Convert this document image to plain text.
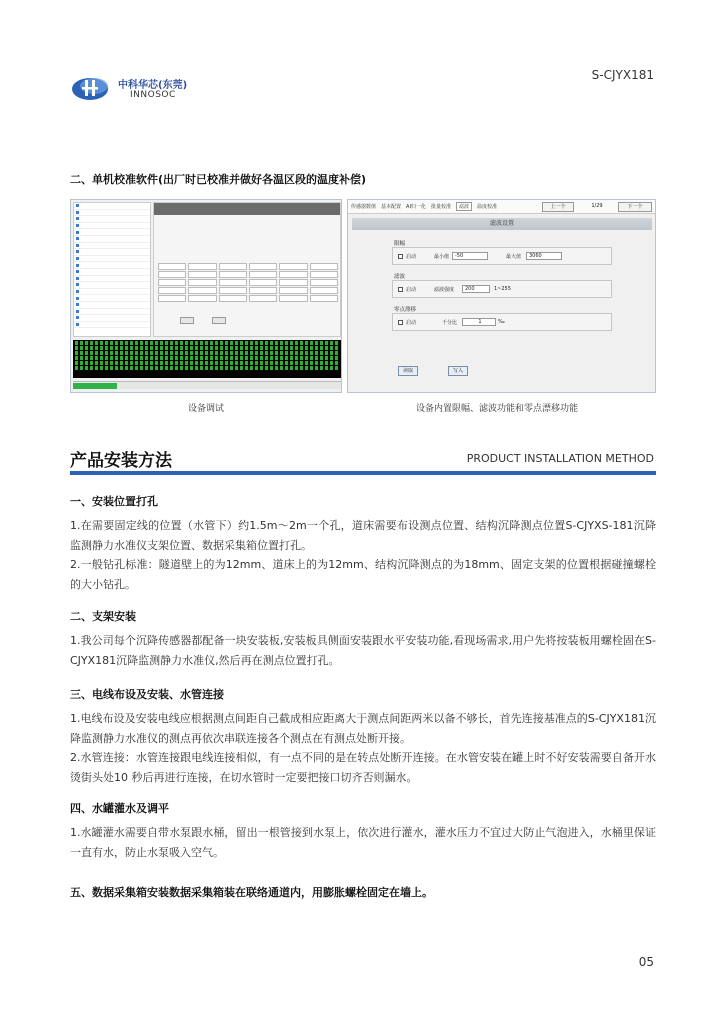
中科华芯(东莞)
INNOSOC
S-CJYX181
二、单机校准软件(出厂时已校准并做好各温区段的温度补偿)
设备调试
传感器数值 基本配置 AI归一化 批量校准	滤波	温度校准	上一个	1/29	下一个
滤波设置
限幅
启动	最小值	-50	最大值	3060
滤波
启动	滤波强度	200	1~255
零点漂移
启动	千分比	1	‰
读取	写入
设备内置限幅、滤波功能和零点漂移功能
产品安装方法	PRODUCT INSTALLATION METHOD
一、安装位置打孔

1.在需要固定线的位置（水管下）约1.5m～2m一个孔，道床需要布设测点位置、结构沉降测点位置S-CJYXS-181沉降监测静力水准仪支架位置、数据采集箱位置打孔。

2.一般钻孔标准：隧道壁上的为12mm、道床上的为12mm、结构沉降测点的为18mm、固定支架的位置根据碰撞螺栓的大小钻孔。

二、支架安装

1.我公司每个沉降传感器都配备一块安装板,安装板具侧面安装跟水平安装功能,看现场需求,用户先将按装板用螺栓固在S-CJYX181沉降监测静力水准仪,然后再在测点位置打孔。

三、电线布设及安装、水管连接

1.电线布设及安装电线应根据测点间距自己截成相应距离大于测点间距两米以备不够长，首先连接基准点的S-CJYX181沉降监测静力水准仪的测点再依次串联连接各个测点在有测点处断开接。

2.水管连接：水管连接跟电线连接相似，有一点不同的是在转点处断开连接。在水管安装在罐上时不好安装需要自备开水烫街头处10 秒后再进行连接，在切水管时一定要把接口切齐否则漏水。

四、水罐灌水及调平

1.水罐灌水需要自带水泵跟水桶，留出一根管接到水泵上，依次进行灌水，灌水压力不宜过大防止气泡进入，水桶里保证一直有水，防止水泵吸入空气。

五、数据采集箱安装数据采集箱装在联络通道内，用膨胀螺栓固定在墙上。
05
